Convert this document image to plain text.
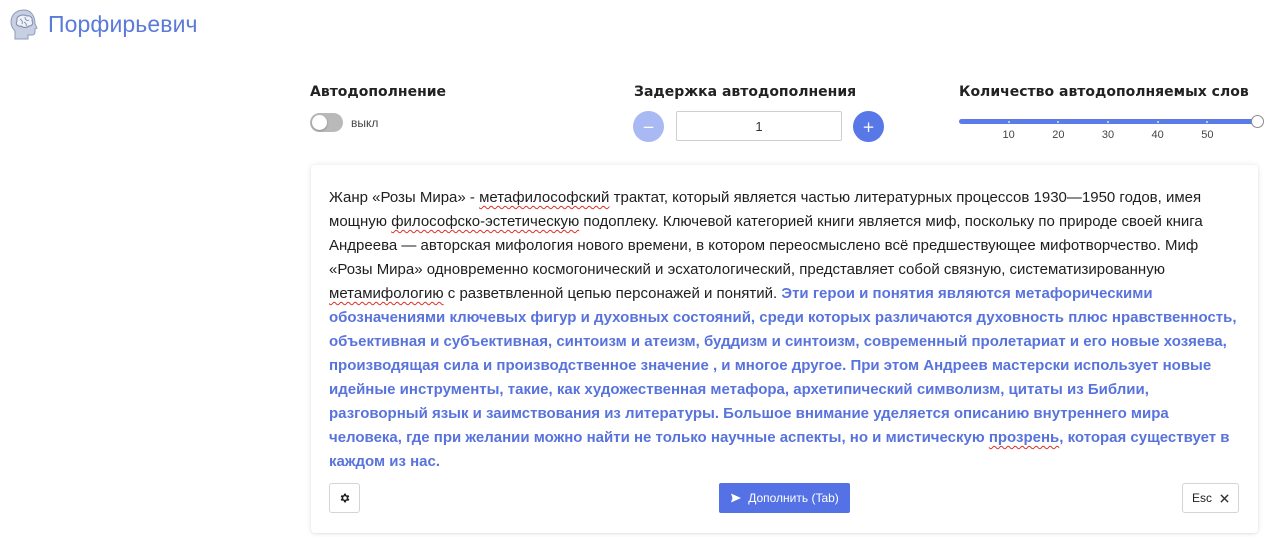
Порфирьевич
Автодополнение
выкл
Задержка автодополнения
−
1	+
Количество автодополняемых слов
10	20	30	40	50
Жанр «Розы Мира» - метафилософский трактат, который является частью литературных процессов 1930—1950 годов, имея мощную философско-эстетическую подоплеку. Ключевой категорией книги является миф, поскольку по природе своей книга Андреева — авторская мифология нового времени, в котором переосмыслено всё предшествующее мифотворчество. Миф «Розы Мира» одновременно космогонический и эсхатологический, представляет собой связную, систематизированную метамифологию с разветвленной цепью персонажей и понятий. Эти герои и понятия являются метафорическими обозначениями ключевых фигур и духовных состояний, среди которых различаются духовность плюс нравственность, объективная и субъективная, синтоизм и атеизм, буддизм и синтоизм, современный пролетариат и его новые хозяева, производящая сила и производственное значение , и многое другое. При этом Андреев мастерски использует новые идейные инструменты, такие, как художественная метафора, архетипический символизм, цитаты из Библии, разговорный язык и заимствования из литературы. Большое внимание уделяется описанию внутреннего мира человека, где при желании можно найти не только научные аспекты, но и мистическую прозрень, которая существует в каждом из нас.
Дополнить (Tab)	Esc
